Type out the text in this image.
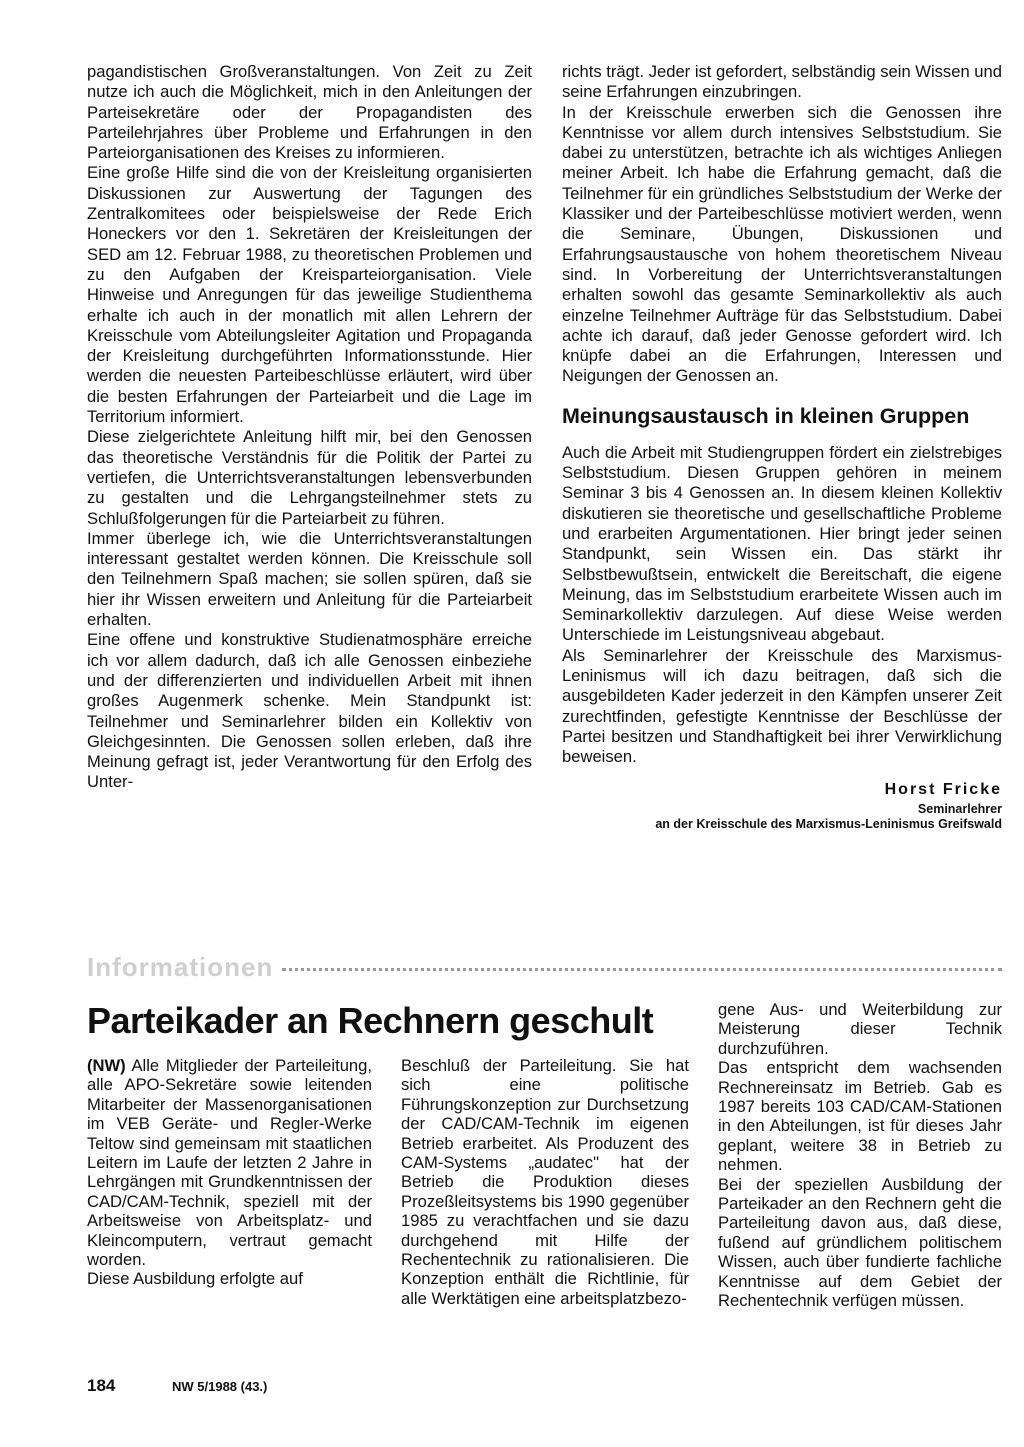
pagandistischen Großveranstaltungen. Von Zeit zu Zeit nutze ich auch die Möglichkeit, mich in den Anleitungen der Parteisekretäre oder der Propagandisten des Parteilehrjahres über Probleme und Erfahrungen in den Parteiorganisationen des Kreises zu informieren.

Eine große Hilfe sind die von der Kreisleitung organisierten Diskussionen zur Auswertung der Tagungen des Zentralkomitees oder beispielsweise der Rede Erich Honeckers vor den 1. Sekretären der Kreisleitungen der SED am 12. Februar 1988, zu theoretischen Problemen und zu den Aufgaben der Kreisparteiorganisation. Viele Hinweise und Anregungen für das jeweilige Studienthema erhalte ich auch in der monatlich mit allen Lehrern der Kreisschule vom Abteilungsleiter Agitation und Propaganda der Kreisleitung durchgeführten Informationsstunde. Hier werden die neuesten Parteibeschlüsse erläutert, wird über die besten Erfahrungen der Parteiarbeit und die Lage im Territorium informiert.

Diese zielgerichtete Anleitung hilft mir, bei den Genossen das theoretische Verständnis für die Politik der Partei zu vertiefen, die Unterrichtsveranstaltungen lebensverbunden zu gestalten und die Lehrgangsteilnehmer stets zu Schlußfolgerungen für die Parteiarbeit zu führen.

Immer überlege ich, wie die Unterrichtsveranstaltungen interessant gestaltet werden können. Die Kreisschule soll den Teilnehmern Spaß machen; sie sollen spüren, daß sie hier ihr Wissen erweitern und Anleitung für die Parteiarbeit erhalten.

Eine offene und konstruktive Studienatmosphäre erreiche ich vor allem dadurch, daß ich alle Genossen einbeziehe und der differenzierten und individuellen Arbeit mit ihnen großes Augenmerk schenke. Mein Standpunkt ist: Teilnehmer und Seminarlehrer bilden ein Kollektiv von Gleichgesinnten. Die Genossen sollen erleben, daß ihre Meinung gefragt ist, jeder Verantwortung für den Erfolg des Unter-

richts trägt. Jeder ist gefordert, selbständig sein Wissen und seine Erfahrungen einzubringen.

In der Kreisschule erwerben sich die Genossen ihre Kenntnisse vor allem durch intensives Selbststudium. Sie dabei zu unterstützen, betrachte ich als wichtiges Anliegen meiner Arbeit. Ich habe die Erfahrung gemacht, daß die Teilnehmer für ein gründliches Selbststudium der Werke der Klassiker und der Parteibeschlüsse motiviert werden, wenn die Seminare, Übungen, Diskussionen und Erfahrungsaustausche von hohem theoretischem Niveau sind. In Vorbereitung der Unterrichtsveranstaltungen erhalten sowohl das gesamte Seminarkollektiv als auch einzelne Teilnehmer Aufträge für das Selbststudium. Dabei achte ich darauf, daß jeder Genosse gefordert wird. Ich knüpfe dabei an die Erfahrungen, Interessen und Neigungen der Genossen an.

Meinungsaustausch in kleinen Gruppen

Auch die Arbeit mit Studiengruppen fördert ein zielstrebiges Selbststudium. Diesen Gruppen gehören in meinem Seminar 3 bis 4 Genossen an. In diesem kleinen Kollektiv diskutieren sie theoretische und gesellschaftliche Probleme und erarbeiten Argumentationen. Hier bringt jeder seinen Standpunkt, sein Wissen ein. Das stärkt ihr Selbstbewußtsein, entwickelt die Bereitschaft, die eigene Meinung, das im Selbststudium erarbeitete Wissen auch im Seminarkollektiv darzulegen. Auf diese Weise werden Unterschiede im Leistungsniveau abgebaut.

Als Seminarlehrer der Kreisschule des Marxismus-Leninismus will ich dazu beitragen, daß sich die ausgebildeten Kader jederzeit in den Kämpfen unserer Zeit zurechtfinden, gefestigte Kenntnisse der Beschlüsse der Partei besitzen und Standhaftigkeit bei ihrer Verwirklichung beweisen.

Horst Fricke
Seminarlehrer
an der Kreisschule des Marxismus-Leninismus Greifswald
Informationen
Parteikader an Rechnern geschult

(NW) Alle Mitglieder der Parteileitung, alle APO-Sekretäre sowie leitenden Mitarbeiter der Massenorganisationen im VEB Geräte- und Regler-Werke Teltow sind gemeinsam mit staatlichen Leitern im Laufe der letzten 2 Jahre in Lehrgängen mit Grundkenntnissen der CAD/CAM-Technik, speziell mit der Arbeitsweise von Arbeitsplatz- und Kleincomputern, vertraut gemacht worden.

Diese Ausbildung erfolgte auf

Beschluß der Parteileitung. Sie hat sich eine politische Führungskonzeption zur Durchsetzung der CAD/CAM-Technik im eigenen Betrieb erarbeitet. Als Produzent des CAM-Systems „audatec" hat der Betrieb die Produktion dieses Prozeßleitsystems bis 1990 gegenüber 1985 zu verachtfachen und sie dazu durchgehend mit Hilfe der Rechentechnik zu rationalisieren. Die Konzeption enthält die Richtlinie, für alle Werktätigen eine arbeitsplatzbezo-

gene Aus- und Weiterbildung zur Meisterung dieser Technik durchzuführen.

Das entspricht dem wachsenden Rechnereinsatz im Betrieb. Gab es 1987 bereits 103 CAD/CAM-Stationen in den Abteilungen, ist für dieses Jahr geplant, weitere 38 in Betrieb zu nehmen.

Bei der speziellen Ausbildung der Parteikader an den Rechnern geht die Parteileitung davon aus, daß diese, fußend auf gründlichem politischem Wissen, auch über fundierte fachliche Kenntnisse auf dem Gebiet der Rechentechnik verfügen müssen.

184	NW 5/1988 (43.)
